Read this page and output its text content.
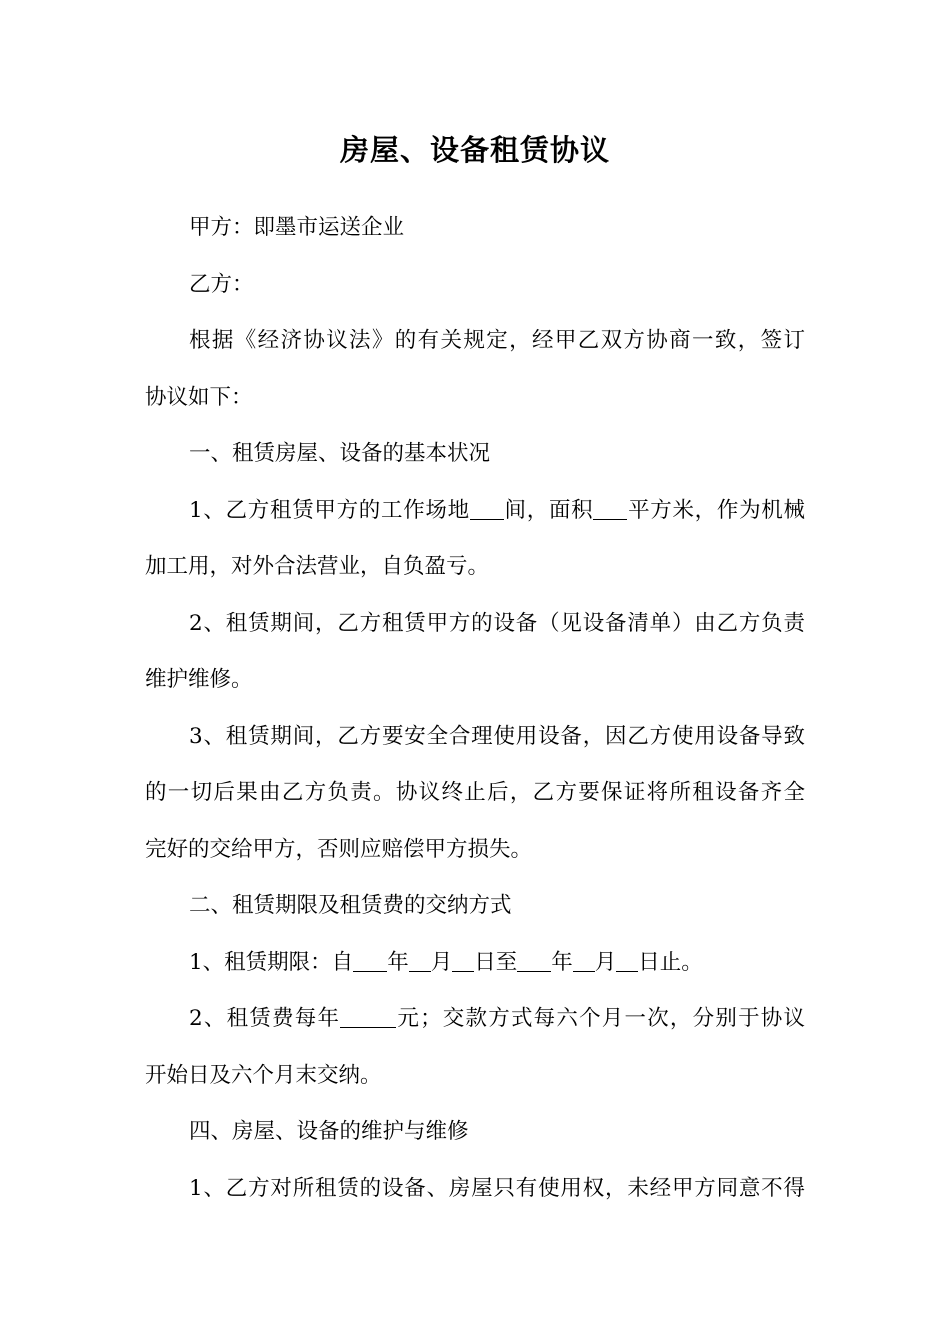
房屋、设备租赁协议
甲方：即墨市运送企业
乙方：
根据《经济协议法》的有关规定，经甲乙双方协商一致，签订
协议如下：
一、租赁房屋、设备的基本状况
1、乙方租赁甲方的工作场地 间，面积 平方米，作为机械
加工用，对外合法营业，自负盈亏。
2、租赁期间，乙方租赁甲方的设备（见设备清单）由乙方负责
维护维修。
3、租赁期间，乙方要安全合理使用设备，因乙方使用设备导致
的一切后果由乙方负责。协议终止后，乙方要保证将所租设备齐全
完好的交给甲方，否则应赔偿甲方损失。
二、租赁期限及租赁费的交纳方式
1、租赁期限：自 年 月 日至 年 月 日止。
2、租赁费每年	元；交款方式每六个月一次，分别于协议
开始日及六个月末交纳。
四、房屋、设备的维护与维修
1、乙方对所租赁的设备、房屋只有使用权，未经甲方同意不得
